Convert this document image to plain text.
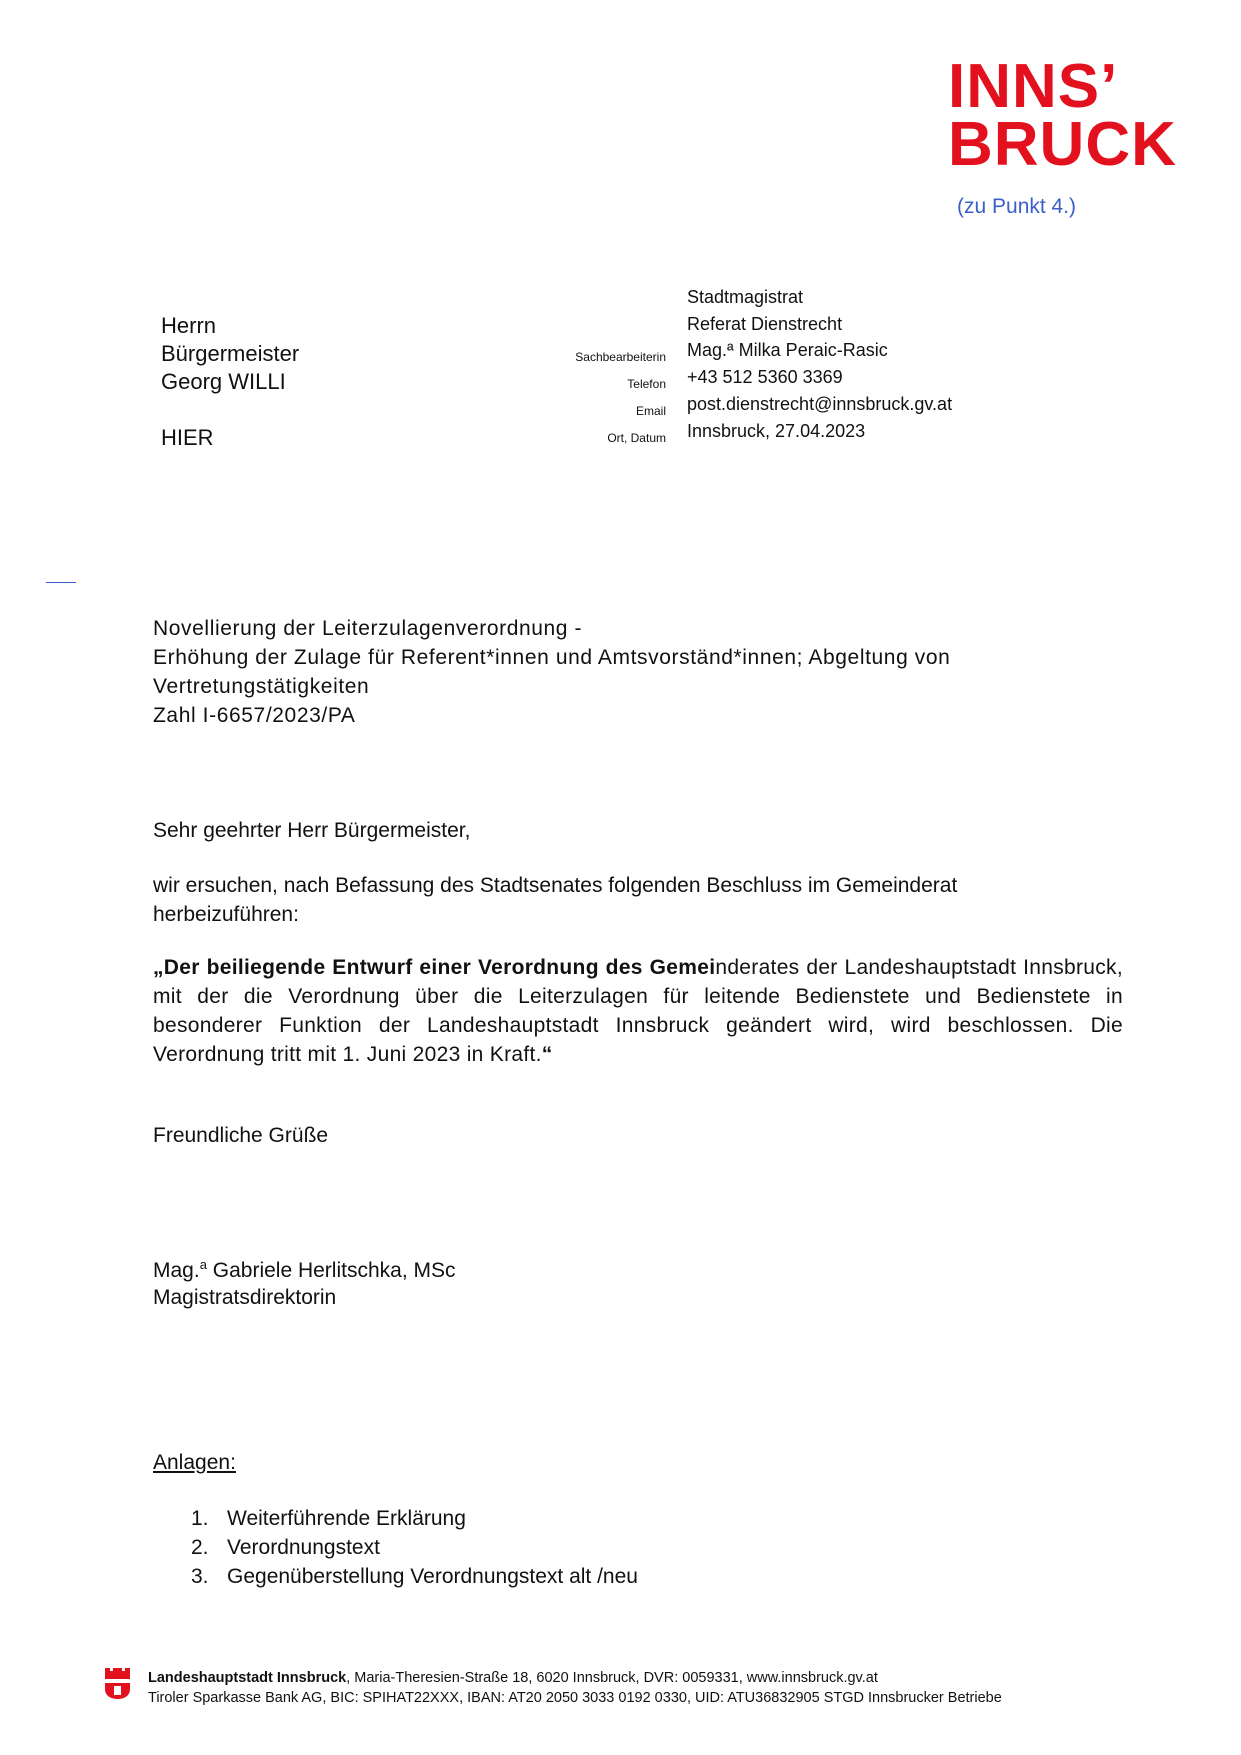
INNS’
BRUCK
(zu Punkt 4.)
Herrn
Bürgermeister
Georg WILLI
HIER
Sachbearbeiterin
Telefon
Email
Ort, Datum
Stadtmagistrat
Referat Dienstrecht
Mag.ª Milka Peraic-Rasic
+43 512 5360 3369
post.dienstrecht@innsbruck.gv.at
Innsbruck, 27.04.2023
Novellierung der Leiterzulagenverordnung -
Erhöhung der Zulage für Referent*innen und Amtsvorständ*innen; Abgeltung von
Vertretungstätigkeiten
Zahl I-6657/2023/PA
Sehr geehrter Herr Bürgermeister,
wir ersuchen, nach Befassung des Stadtsenates folgenden Beschluss im Gemeinderat herbeizuführen:
„Der beiliegende Entwurf einer Verordnung des Gemeinderates der Landeshauptstadt Innsbruck, mit der die Verordnung über die Leiterzulagen für leitende Bedienstete und Bedienstete in besonderer Funktion der Landeshauptstadt Innsbruck geändert wird, wird beschlossen. Die Verordnung tritt mit 1. Juni 2023 in Kraft.“
Freundliche Grüße
Mag.$^a$ Gabriele Herlitschka, MSc
Magistratsdirektorin
Anlagen:
1. Weiterführende Erklärung
2. Verordnungstext
3. Gegenüberstellung Verordnungstext alt /neu
Landeshauptstadt Innsbruck, Maria-Theresien-Straße 18, 6020 Innsbruck, DVR: 0059331, www.innsbruck.gv.at
Tiroler Sparkasse Bank AG, BIC: SPIHAT22XXX, IBAN: AT20 2050 3033 0192 0330, UID: ATU36832905 STGD Innsbrucker Betriebe
